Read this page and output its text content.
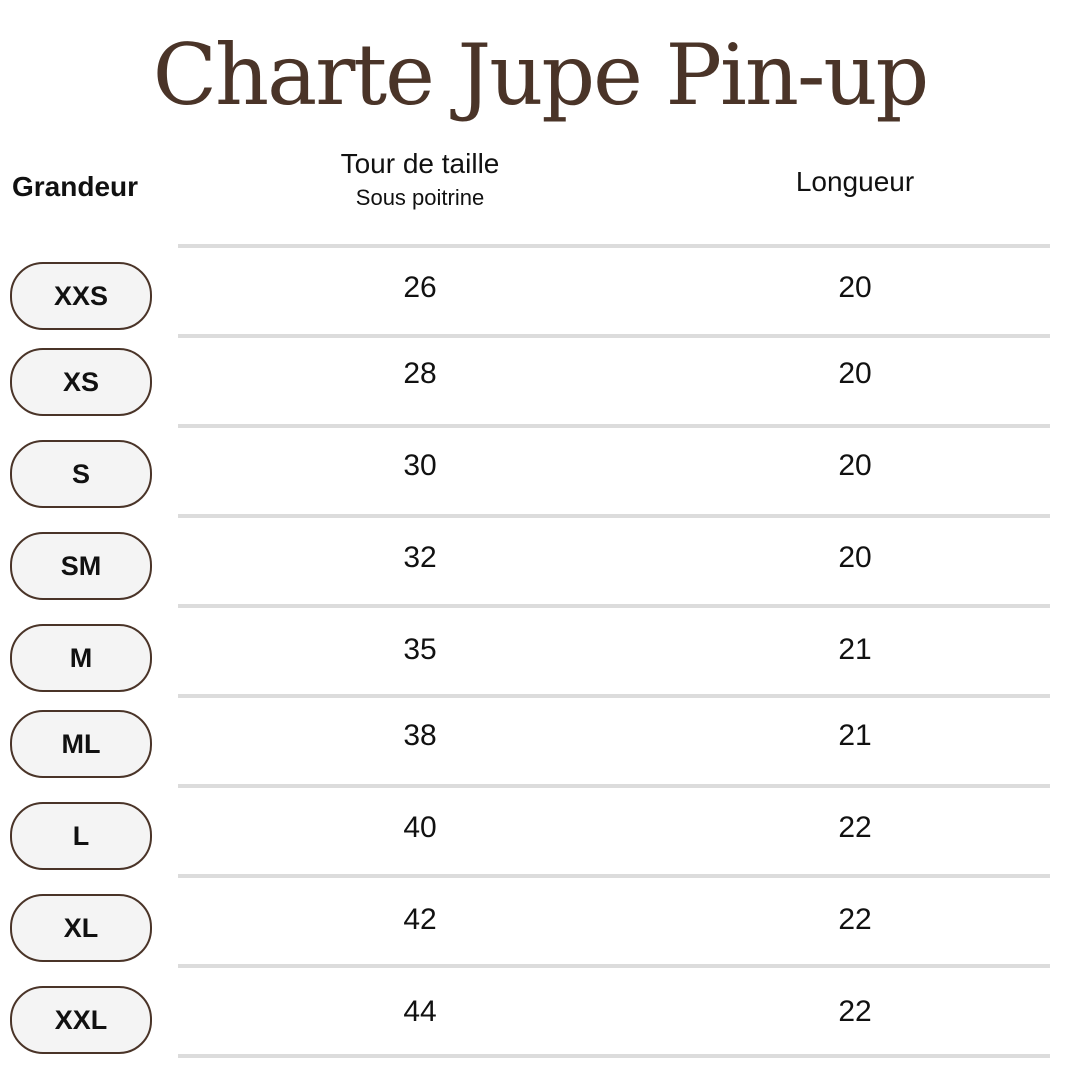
Charte Jupe Pin-up
Grandeur
Tour de taille
Sous poitrine
Longueur
XXS	26	20
XS	28	20
S	30	20
SM	32	20
M	35	21
ML	38	21
L	40	22
XL	42	22
XXL	44	22
